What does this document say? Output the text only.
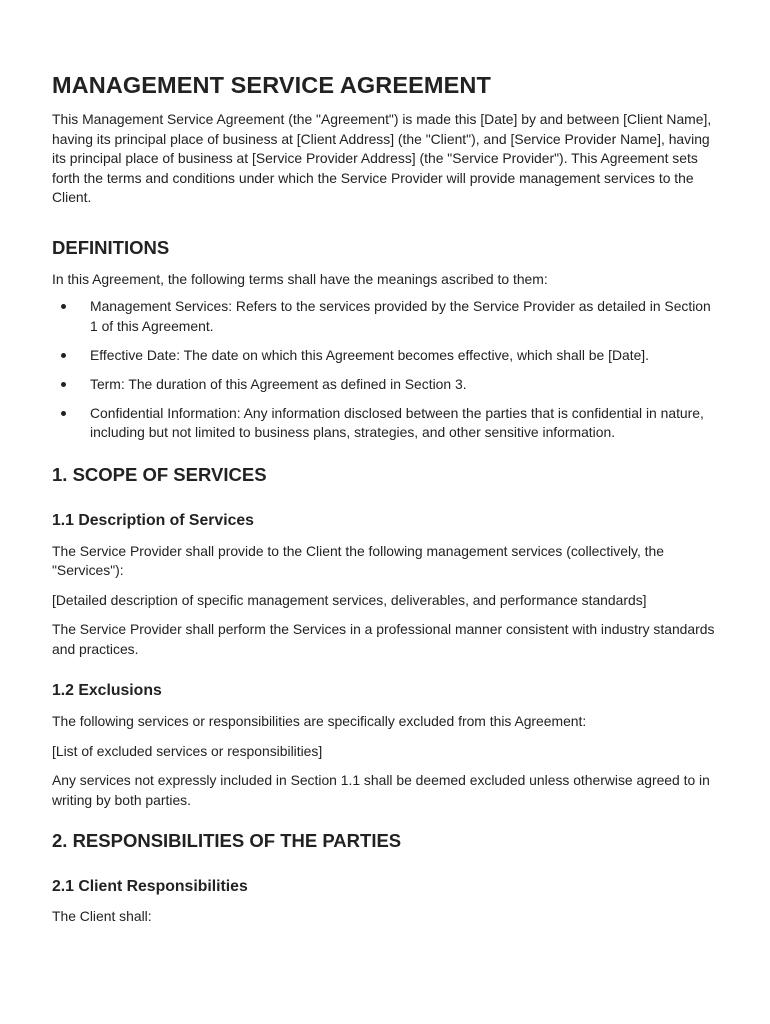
MANAGEMENT SERVICE AGREEMENT

This Management Service Agreement (the "Agreement") is made this [Date] by and between [Client Name], having its principal place of business at [Client Address] (the "Client"), and [Service Provider Name], having its principal place of business at [Service Provider Address] (the "Service Provider"). This Agreement sets forth the terms and conditions under which the Service Provider will provide management services to the Client.

DEFINITIONS

In this Agreement, the following terms shall have the meanings ascribed to them:

Management Services: Refers to the services provided by the Service Provider as detailed in Section 1 of this Agreement.
Effective Date: The date on which this Agreement becomes effective, which shall be [Date].
Term: The duration of this Agreement as defined in Section 3.
Confidential Information: Any information disclosed between the parties that is confidential in nature, including but not limited to business plans, strategies, and other sensitive information.
1. SCOPE OF SERVICES
1.1 Description of Services

The Service Provider shall provide to the Client the following management services (collectively, the "Services"):

[Detailed description of specific management services, deliverables, and performance standards]

The Service Provider shall perform the Services in a professional manner consistent with industry standards and practices.

1.2 Exclusions

The following services or responsibilities are specifically excluded from this Agreement:

[List of excluded services or responsibilities]

Any services not expressly included in Section 1.1 shall be deemed excluded unless otherwise agreed to in writing by both parties.

2. RESPONSIBILITIES OF THE PARTIES
2.1 Client Responsibilities

The Client shall:
